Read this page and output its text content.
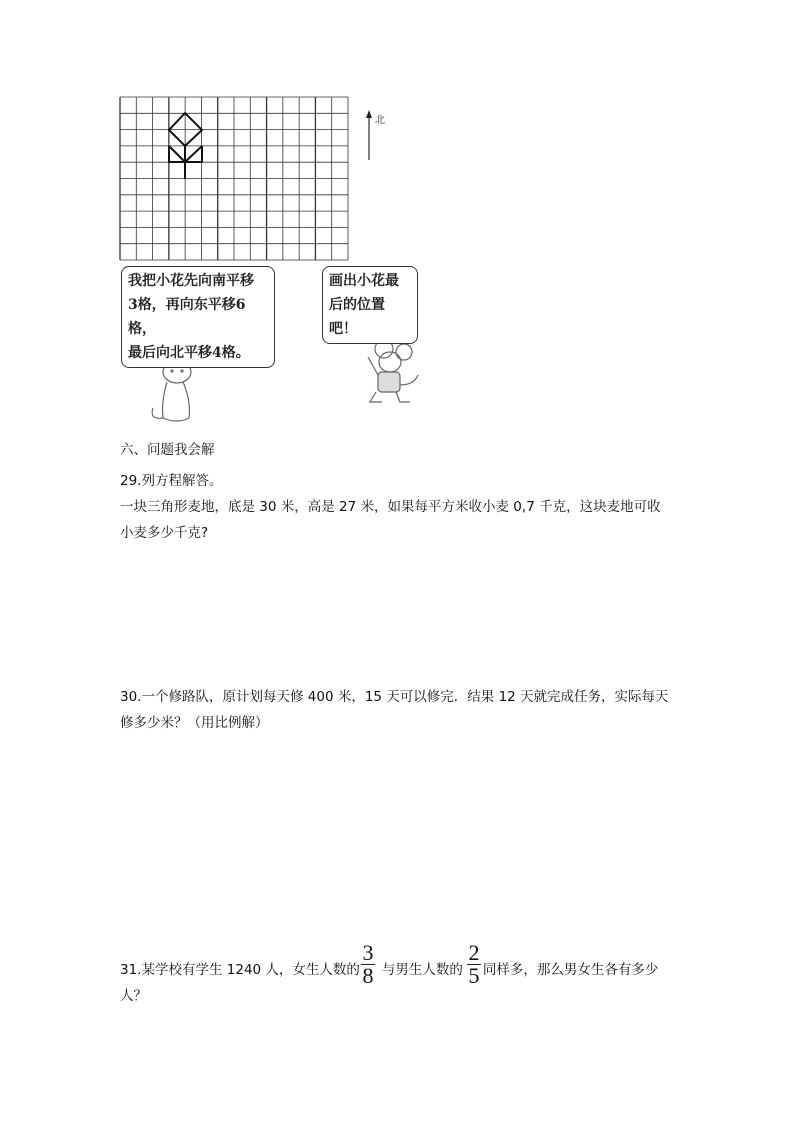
北
我把小花先向南平移
3格，再向东平移6格，
最后向北平移4格。
画出小花最
后的位置吧！
六、问题我会解
29.列方程解答。
一块三角形麦地，底是 30 米，高是 27 米，如果每平方米收小麦 0,7 千克，这块麦地可收
小麦多少千克?
30.一个修路队，原计划每天修 400 米，15 天可以修完．结果 12 天就完成任务，实际每天
修多少米？（用比例解）
31.某学校有学生 1240 人，女生人数的 与男生人数的 同样多，那么男女生各有多少
3
8
2
5
人？
